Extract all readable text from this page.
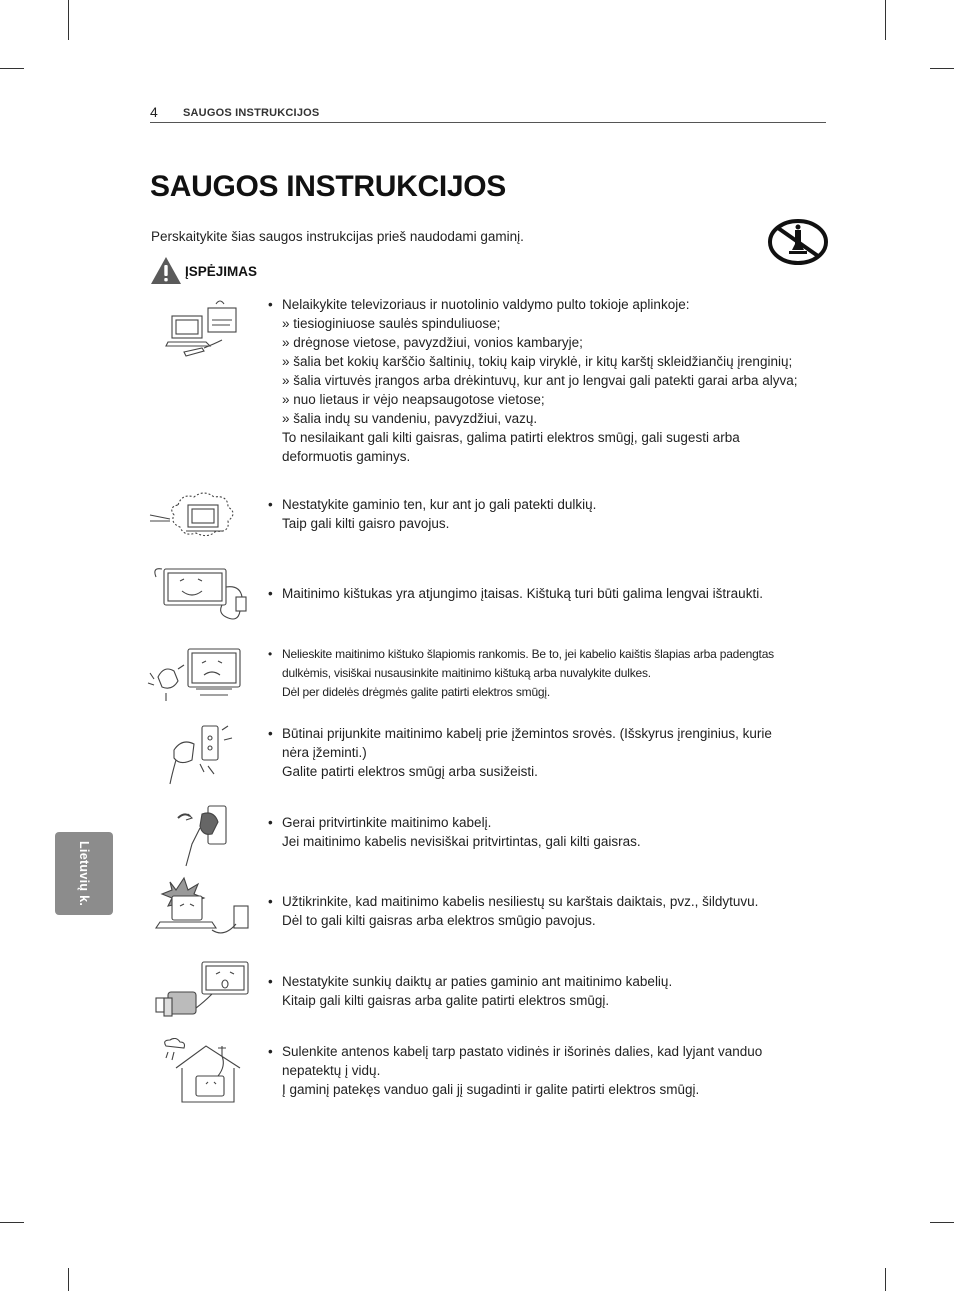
4 SAUGOS INSTRUKCIJOS
SAUGOS INSTRUKCIJOS
Perskaitykite šias saugos instrukcijas prieš naudodami gaminį.
ĮSPĖJIMAS
• Nelaikykite televizoriaus ir nuotolinio valdymo pulto tokioje aplinkoje:
» tiesioginiuose saulės spinduliuose;
» drėgnose vietose, pavyzdžiui, vonios kambaryje;
» šalia bet kokių karščio šaltinių, tokių kaip viryklė, ir kitų karštį skleidžiančių įrenginių;
» šalia virtuvės įrangos arba drėkintuvų, kur ant jo lengvai gali patekti garai arba alyva;
» nuo lietaus ir vėjo neapsaugotose vietose;
» šalia indų su vandeniu, pavyzdžiui, vazų.
To nesilaikant gali kilti gaisras, galima patirti elektros smūgį, gali sugesti arba
deformuotis gaminys.
• Nestatykite gaminio ten, kur ant jo gali patekti dulkių.
Taip gali kilti gaisro pavojus.
• Maitinimo kištukas yra atjungimo įtaisas. Kištuką turi būti galima lengvai ištraukti.
• Nelieskite maitinimo kištuko šlapiomis rankomis. Be to, jei kabelio kaištis šlapias arba padengtas
dulkėmis, visiškai nusausinkite maitinimo kištuką arba nuvalykite dulkes.
Dėl per didelės drėgmės galite patirti elektros smūgį.
• Būtinai prijunkite maitinimo kabelį prie įžemintos srovės. (Išskyrus įrenginius, kurie
nėra įžeminti.)
Galite patirti elektros smūgį arba susižeisti.
• Gerai pritvirtinkite maitinimo kabelį.
Jei maitinimo kabelis nevisiškai pritvirtintas, gali kilti gaisras.
• Užtikrinkite, kad maitinimo kabelis nesiliestų su karštais daiktais, pvz., šildytuvu.
Dėl to gali kilti gaisras arba elektros smūgio pavojus.
• Nestatykite sunkių daiktų ar paties gaminio ant maitinimo kabelių.
Kitaip gali kilti gaisras arba galite patirti elektros smūgį.
• Sulenkite antenos kabelį tarp pastato vidinės ir išorinės dalies, kad lyjant vanduo
nepatektų į vidų.
Į gaminį patekęs vanduo gali jį sugadinti ir galite patirti elektros smūgį.
Lietuvių k.
